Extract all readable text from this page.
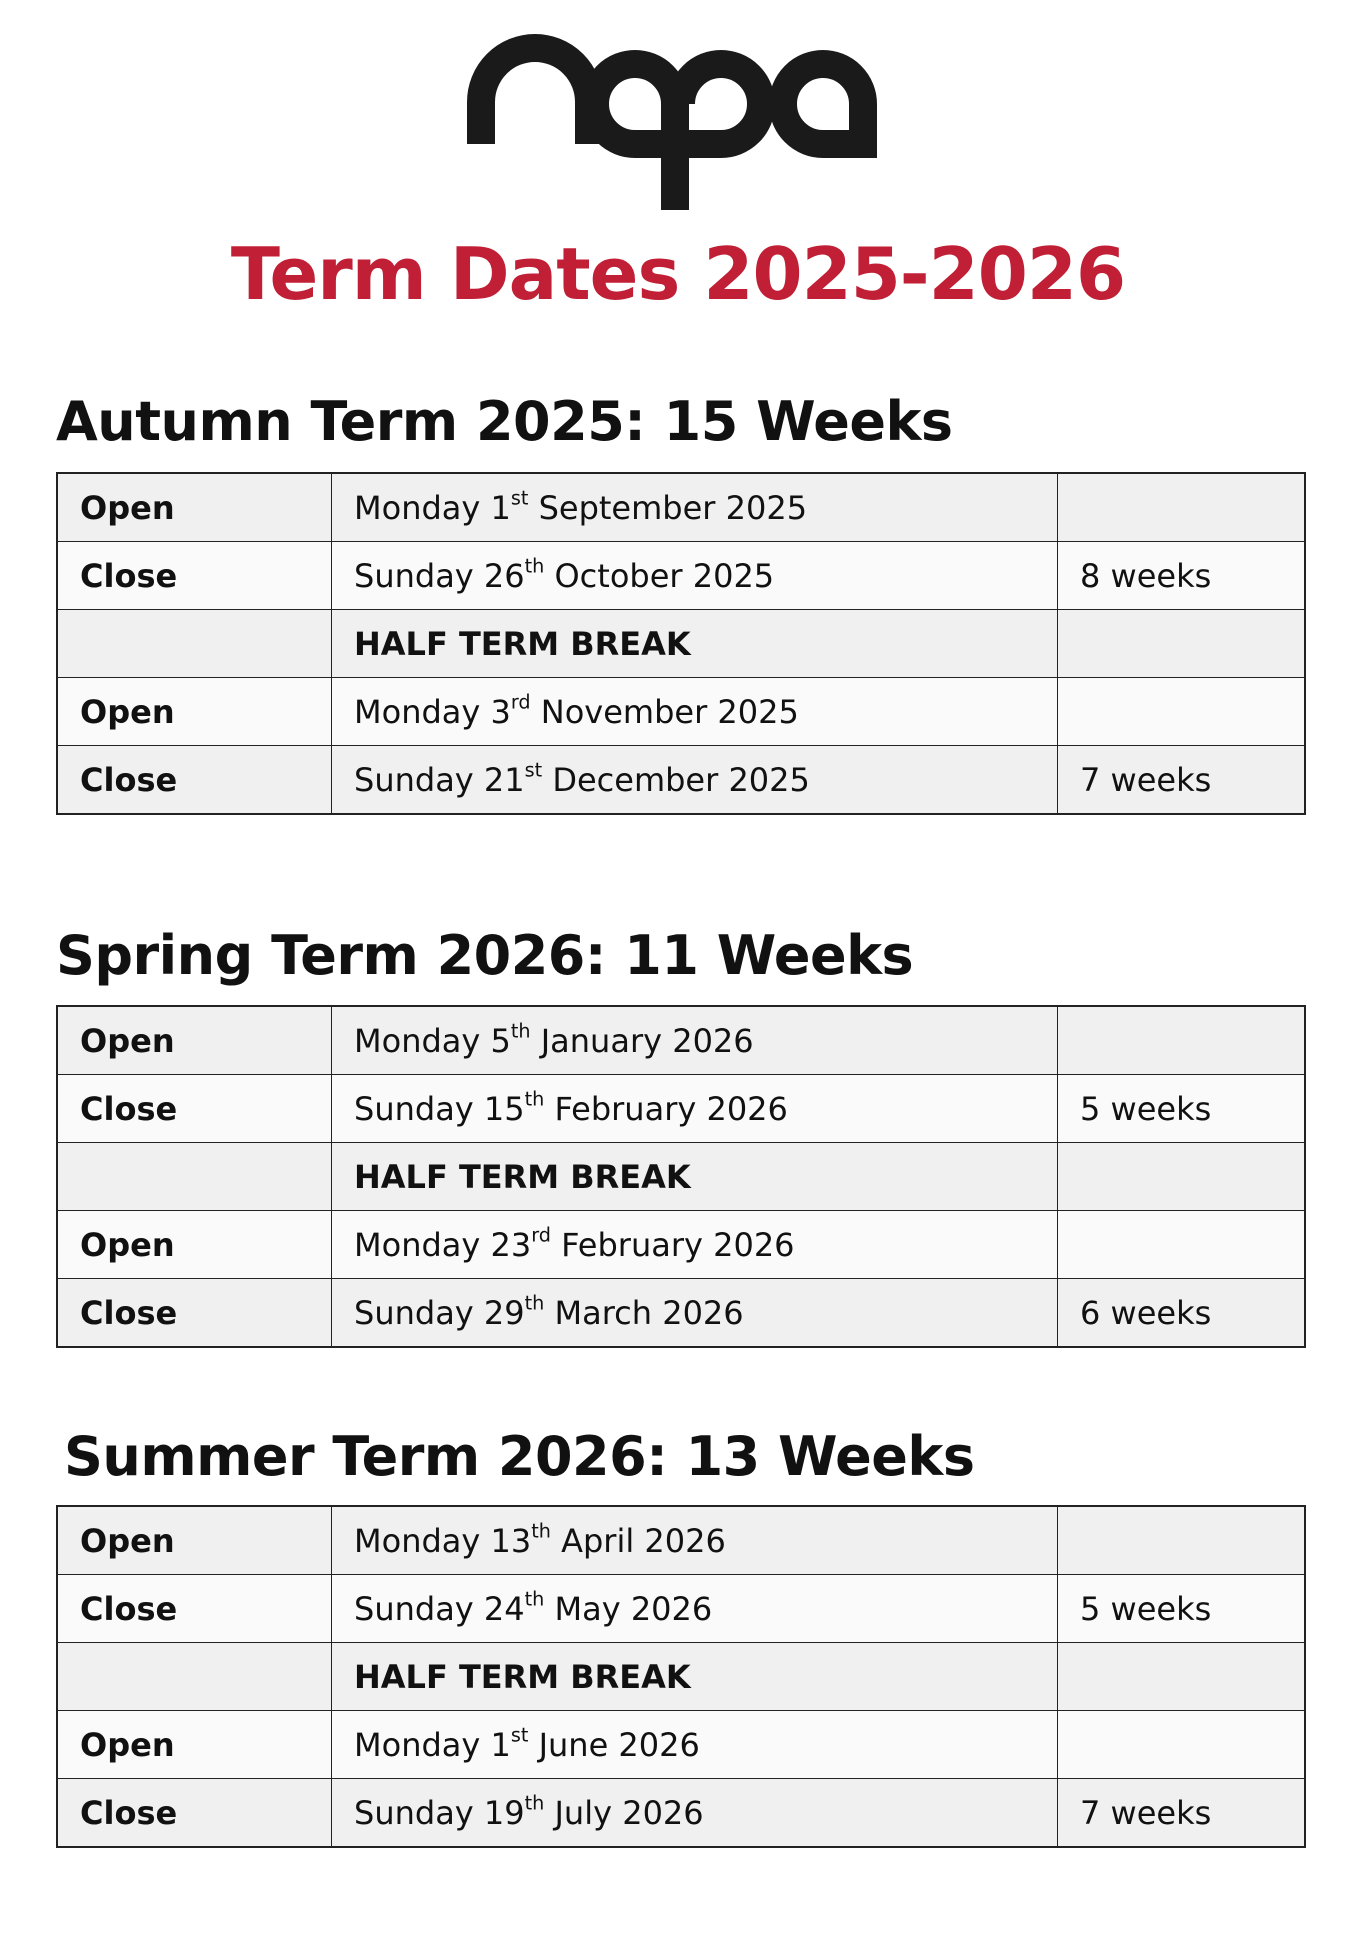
Term Dates 2025-2026
Autumn Term 2025: 15 Weeks
Open	Monday 1st September 2025	
Close	Sunday 26th October 2025	8 weeks
	HALF TERM BREAK	
Open	Monday 3rd November 2025	
Close	Sunday 21st December 2025	7 weeks
Spring Term 2026: 11 Weeks
Open	Monday 5th January 2026	
Close	Sunday 15th February 2026	5 weeks
	HALF TERM BREAK	
Open	Monday 23rd February 2026	
Close	Sunday 29th March 2026	6 weeks
Summer Term 2026: 13 Weeks
Open	Monday 13th April 2026	
Close	Sunday 24th May 2026	5 weeks
	HALF TERM BREAK	
Open	Monday 1st June 2026	
Close	Sunday 19th July 2026	7 weeks
